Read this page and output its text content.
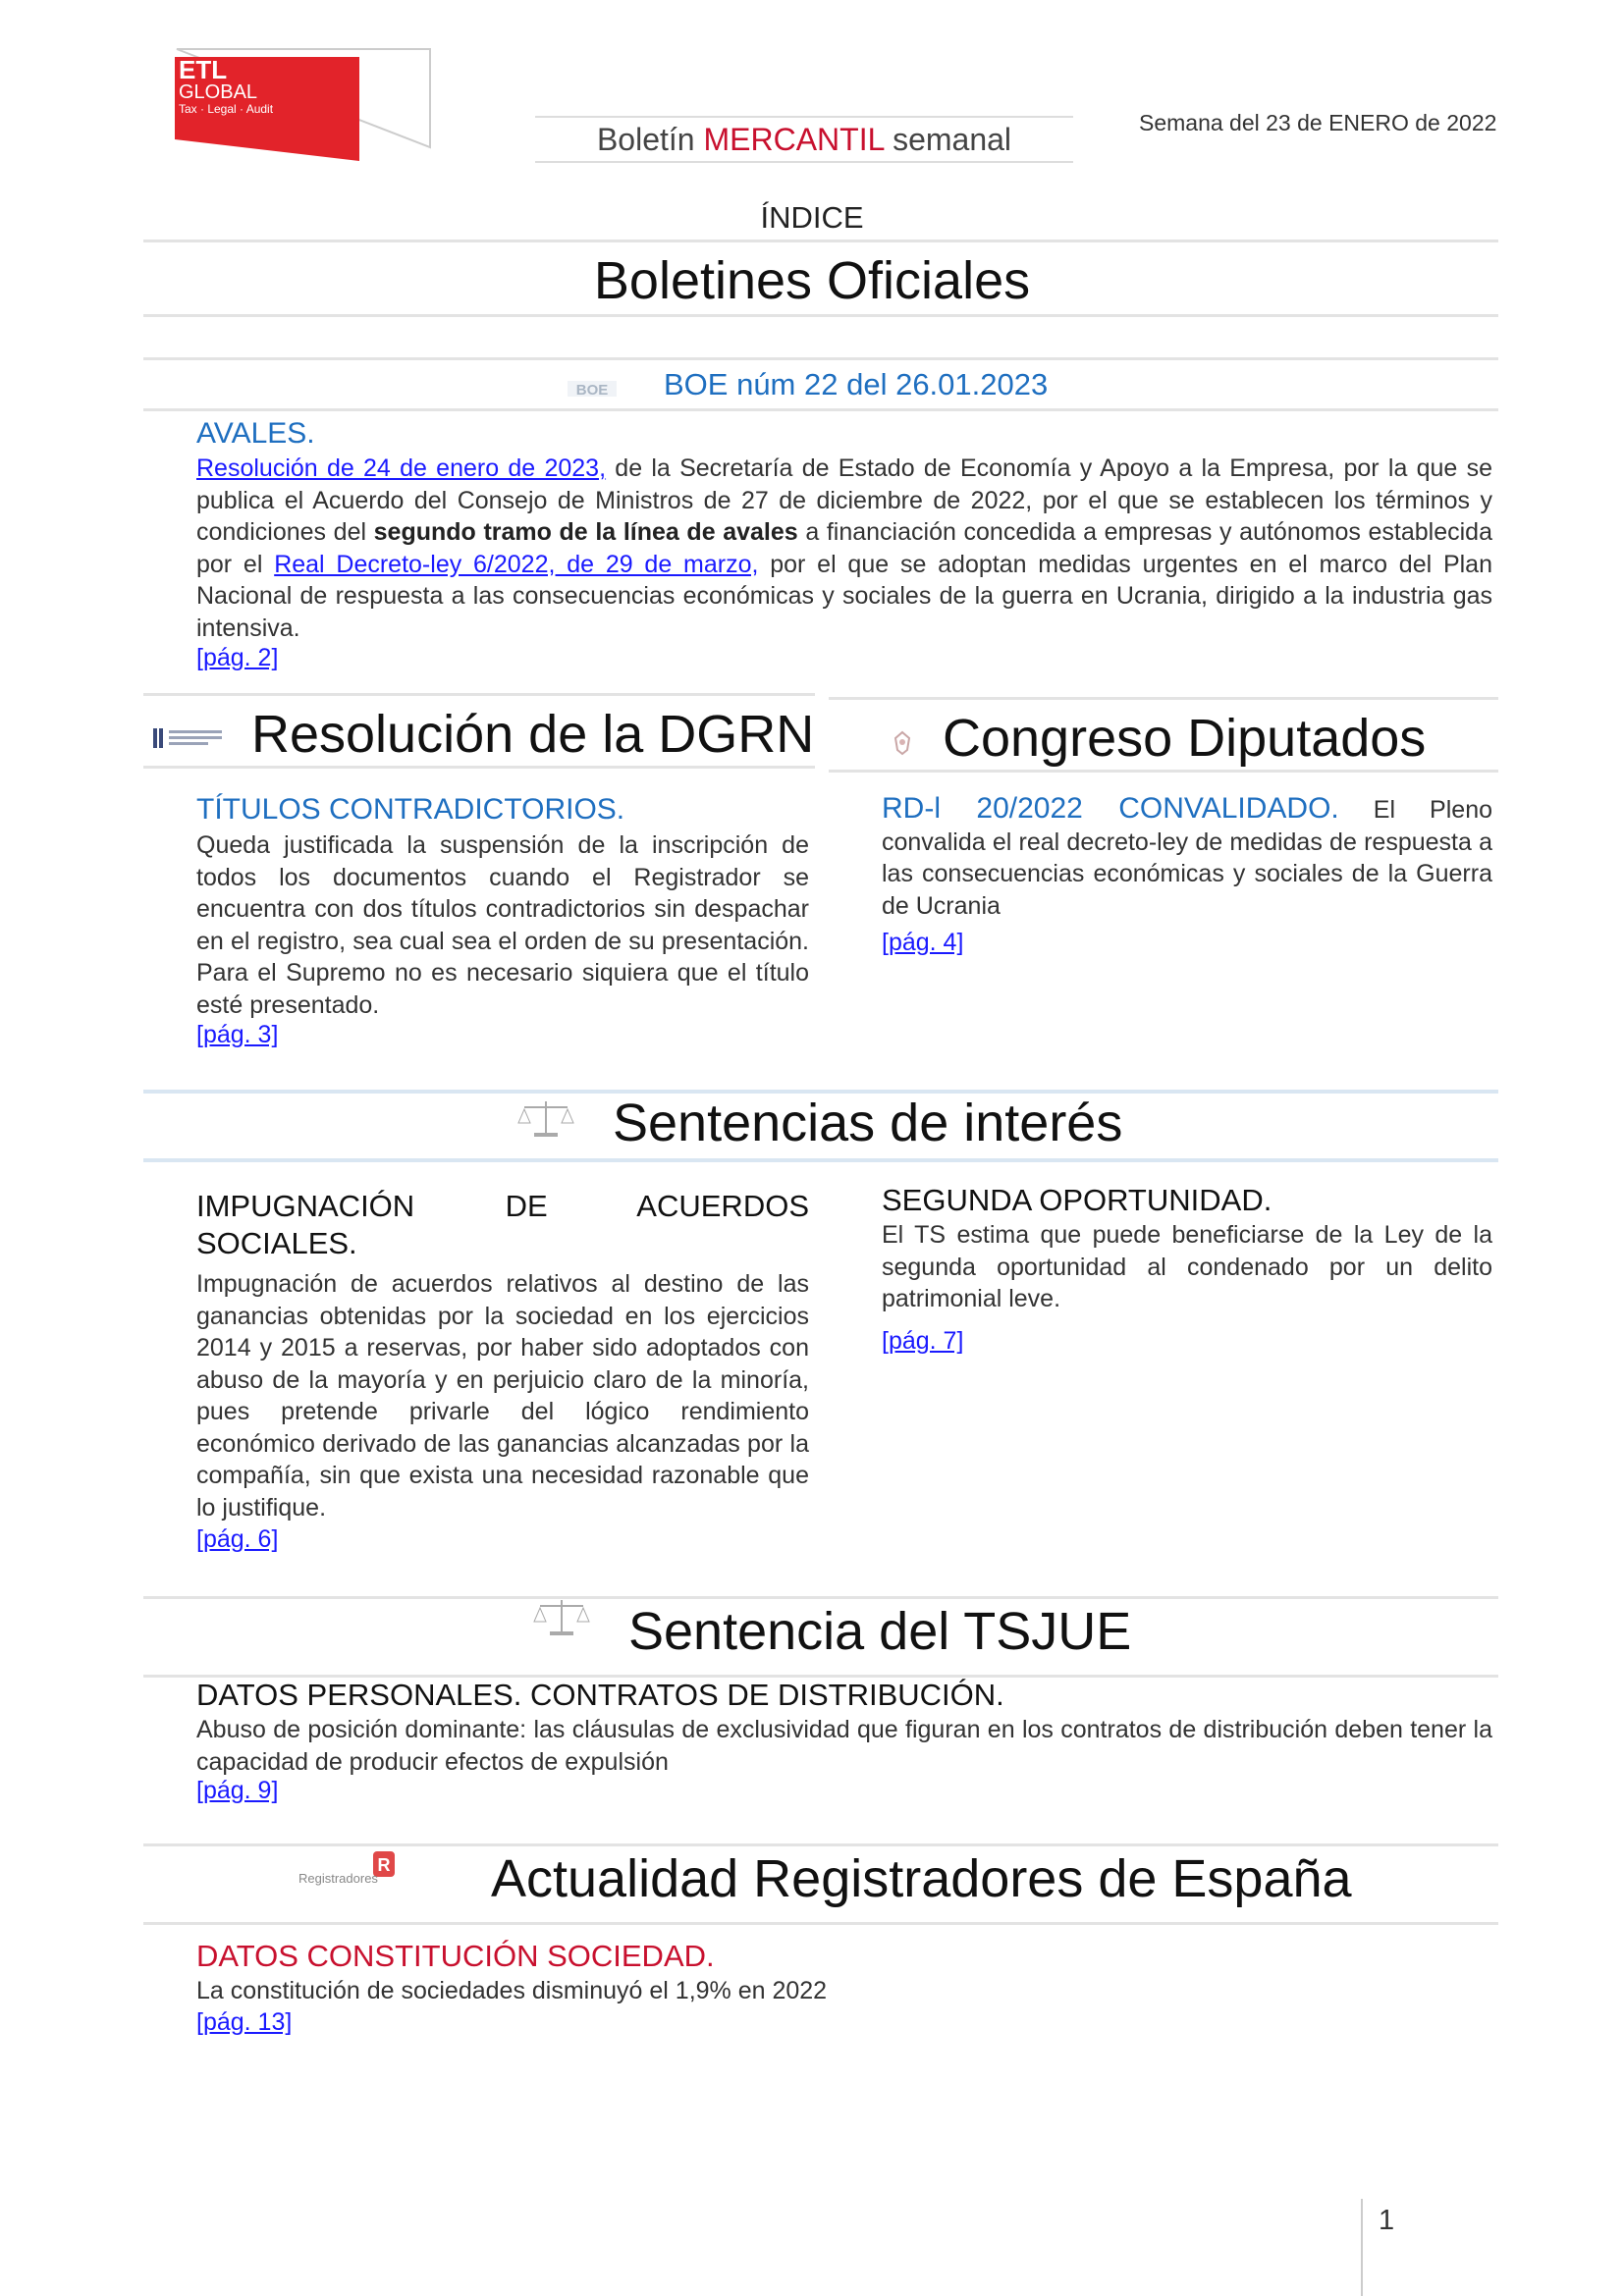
ETL
GLOBAL
Tax · Legal · Audit
Boletín MERCANTIL semanal	Semana del 23 de ENERO de 2022
ÍNDICE
Boletines Oficiales
BOE BOE núm 22 del 26.01.2023
AVALES.
Resolución de 24 de enero de 2023, de la Secretaría de Estado de Economía y Apoyo a la Empresa, por la que se publica el Acuerdo del Consejo de Ministros de 27 de diciembre de 2022, por el que se establecen los términos y condiciones del segundo tramo de la línea de avales a financiación concedida a empresas y autónomos establecida por el Real Decreto-ley 6/2022, de 29 de marzo, por el que se adoptan medidas urgentes en el marco del Plan Nacional de respuesta a las consecuencias económicas y sociales de la guerra en Ucrania, dirigido a la industria gas intensiva.
[pág. 2]
Resolución de la DGRN Congreso Diputados
TÍTULOS CONTRADICTORIOS.
Queda justificada la suspensión de la inscripción de todos los documentos cuando el Registrador se encuentra con dos títulos contradictorios sin despachar en el registro, sea cual sea el orden de su presentación. Para el Supremo no es necesario siquiera que el título esté presentado.
[pág. 3]
RD-l 20/2022 CONVALIDADO. El Pleno convalida el real decreto-ley de medidas de respuesta a las consecuencias económicas y sociales de la Guerra de Ucrania
[pág. 4]
Sentencias de interés
IMPUGNACIÓN DE ACUERDOS
SOCIALES.
Impugnación de acuerdos relativos al destino de las ganancias obtenidas por la sociedad en los ejercicios 2014 y 2015 a reservas, por haber sido adoptados con abuso de la mayoría y en perjuicio claro de la minoría, pues pretende privarle del lógico rendimiento económico derivado de las ganancias alcanzadas por la compañía, sin que exista una necesidad razonable que lo justifique.
[pág. 6]
SEGUNDA OPORTUNIDAD.
El TS estima que puede beneficiarse de la Ley de la segunda oportunidad al condenado por un delito patrimonial leve.
[pág. 7]
Sentencia del TSJUE
DATOS PERSONALES. CONTRATOS DE DISTRIBUCIÓN.
Abuso de posición dominante: las cláusulas de exclusividad que figuran en los contratos de distribución deben tener la capacidad de producir efectos de expulsión
[pág. 9]
R
Registradores Actualidad Registradores de España
DATOS CONSTITUCIÓN SOCIEDAD.
La constitución de sociedades disminuyó el 1,9% en 2022
[pág. 13]
1
